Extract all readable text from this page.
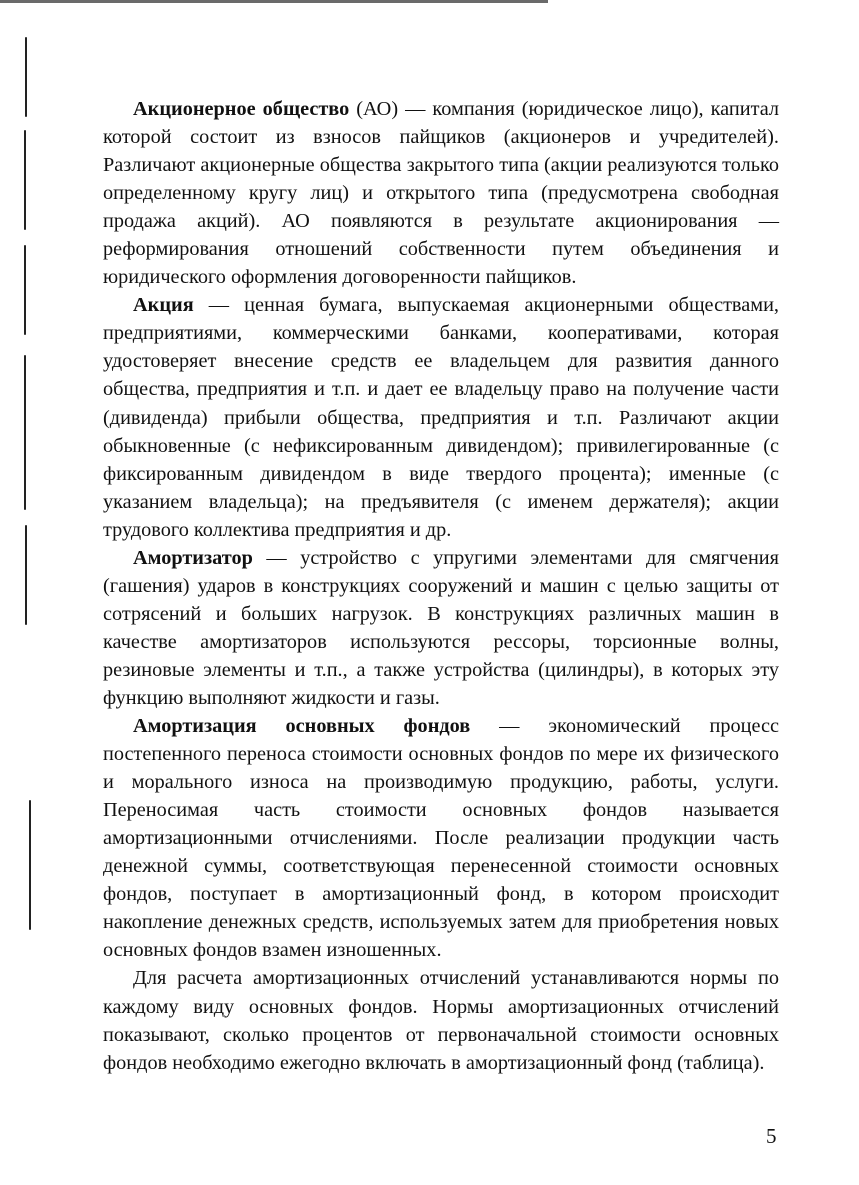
Акционерное общество (АО) — компания (юридическое лицо), капитал которой состоит из взносов пайщиков (акционеров и учредителей). Различают акционерные общества закрытого типа (акции реализуются только определенному кругу лиц) и открытого типа (предусмотрена свободная продажа акций). АО появляются в результате акционирования — реформирования отношений собственности путем объединения и юридического оформления договоренности пайщиков.

Акция — ценная бумага, выпускаемая акционерными обществами, предприятиями, коммерческими банками, кооперативами, которая удостоверяет внесение средств ее владельцем для развития данного общества, предприятия и т.п. и дает ее владельцу право на получение части (дивиденда) прибыли общества, предприятия и т.п. Различают акции обыкновенные (с нефиксированным дивидендом); привилегированные (с фиксированным дивидендом в виде твердого процента); именные (с указанием владельца); на предъявителя (с именем держателя); акции трудового коллектива предприятия и др.

Амортизатор — устройство с упругими элементами для смягчения (гашения) ударов в конструкциях сооружений и машин с целью защиты от сотрясений и больших нагрузок. В конструкциях различных машин в качестве амортизаторов используются рессоры, торсионные волны, резиновые элементы и т.п., а также устройства (цилиндры), в которых эту функцию выполняют жидкости и газы.

Амортизация основных фондов — экономический процесс постепенного переноса стоимости основных фондов по мере их физического и морального износа на производимую продукцию, работы, услуги. Переносимая часть стоимости основных фондов называется амортизационными отчислениями. После реализации продукции часть денежной суммы, соответствующая перенесенной стоимости основных фондов, поступает в амортизационный фонд, в котором происходит накопление денежных средств, используемых затем для приобретения новых основных фондов взамен изношенных.

Для расчета амортизационных отчислений устанавливаются нормы по каждому виду основных фондов. Нормы амортизационных отчислений показывают, сколько процентов от первоначальной стоимости основных фондов необходимо ежегодно включать в амортизационный фонд (таблица).

5
